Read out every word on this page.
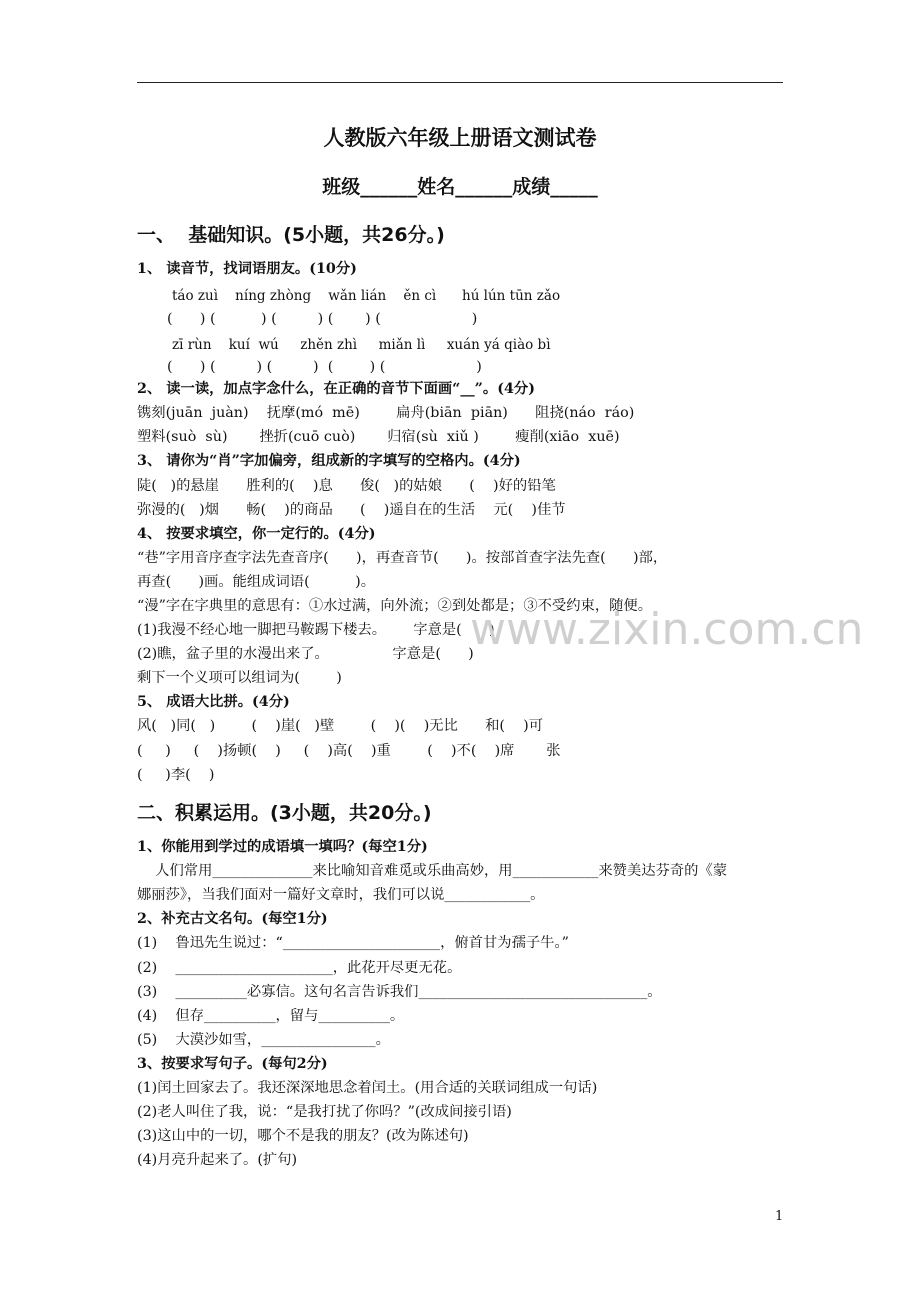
人教版六年级上册语文测试卷
班级______姓名______成绩_____
一、  基础知识。(5小题，共26分。)
1、 读音节，找词语朋友。(10分)
táo zuì    níng zhòng    wǎn lián    ěn cì      hú lún tūn zǎo
(      ) (          ) (         ) (       ) (                    )
zī rùn    kuí  wú     zhěn zhì     miǎn lì     xuán yá qiào bì
(      ) (         ) (         )  (        ) (                    )
2、 读一读，加点字念什么，在正确的音节下面画“__”。(4分)
镌刻(juān  juàn)    抚摩(mó  mē)        扁舟(biān  piān)      阻挠(náo  ráo)
塑料(suò  sù)       挫折(cuō cuò)       归宿(sù  xiǔ )        瘦削(xiāo  xuē)
3、 请你为“肖”字加偏旁，组成新的字填写的空格内。(4分)
陡(   )的悬崖      胜利的(    )息      俊(   )的姑娘      (    )好的铅笔
弥漫的(   )烟      畅(    )的商品      (    )遥自在的生活    元(    )佳节
4、 按要求填空，你一定行的。(4分)
“巷”字用音序查字法先查音序(      )，再查音节(      )。按部首查字法先查(      )部，
再查(      )画。能组成词语(          )。
“漫”字在字典里的意思有：①水过满，向外流；②到处都是；③不受约束，随便。
(1)我漫不经心地一脚把马鞍踢下楼去。      字意是(      )
(2)瞧，盆子里的水漫出来了。              字意是(      )
剩下一个义项可以组词为(        )
5、 成语大比拼。(4分)
风(   )同(   )        (    )崖(   )壁        (    )(    )无比      和(    )可
(     )     (    )扬顿(    )     (    )高(    )重        (    )不(    )席       张
(     )李(    )
二、积累运用。(3小题，共20分。)
1、你能用到学过的成语填一填吗？(每空1分)
人们常用______________来比喻知音难觅或乐曲高妙，用____________来赞美达芬奇的《蒙
娜丽莎》，当我们面对一篇好文章时，我们可以说____________。
2、补充古文名句。(每空1分)
(1)    鲁迅先生说过：“______________________，俯首甘为孺子牛。”
(2)    ______________________，此花开尽更无花。
(3)    __________必寡信。这句名言告诉我们________________________________。
(4)    但存__________，留与__________。
(5)    大漠沙如雪，________________。
3、按要求写句子。(每句2分)
(1)闰土回家去了。我还深深地思念着闰土。(用合适的关联词组成一句话)
(2)老人叫住了我，说：“是我打扰了你吗？”(改成间接引语)
(3)这山中的一切，哪个不是我的朋友？(改为陈述句)
(4)月亮升起来了。(扩句)
www.zixin.com.cn
1
